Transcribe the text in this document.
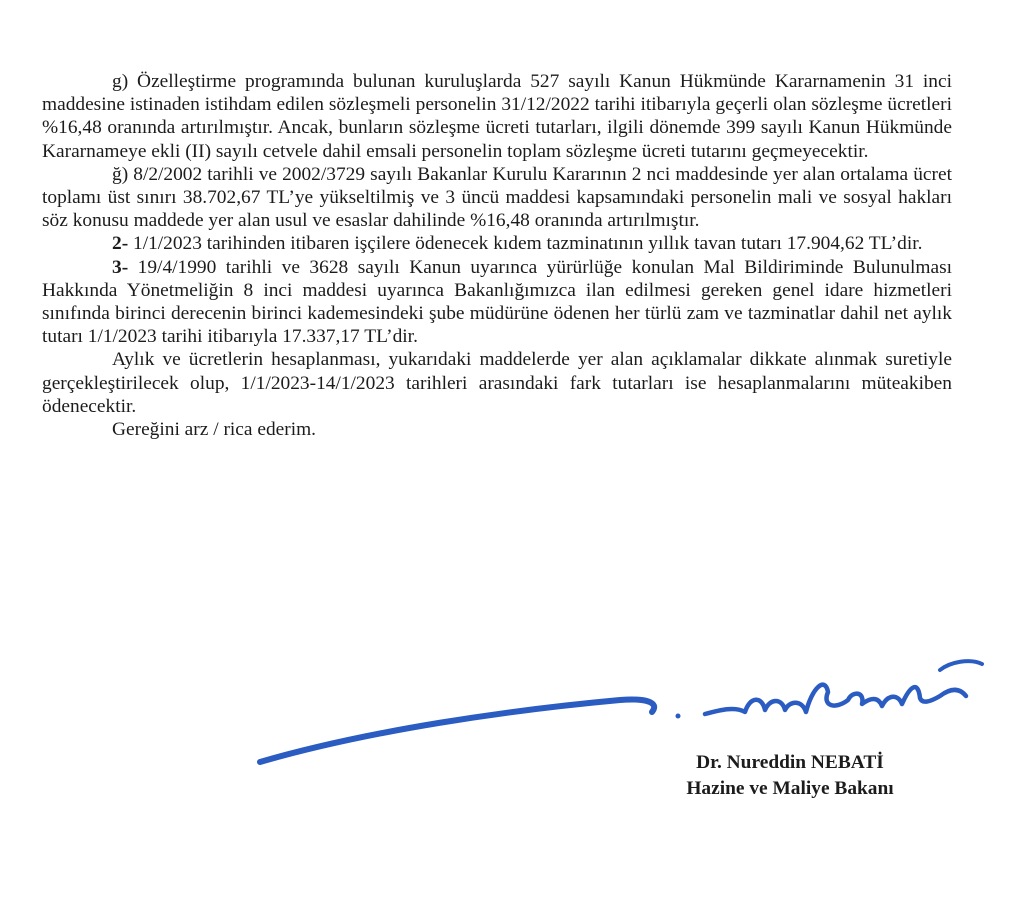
g) Özelleştirme programında bulunan kuruluşlarda 527 sayılı Kanun Hükmünde Kararnamenin 31 inci maddesine istinaden istihdam edilen sözleşmeli personelin 31/12/2022 tarihi itibarıyla geçerli olan sözleşme ücretleri %16,48 oranında artırılmıştır. Ancak, bunların sözleşme ücreti tutarları, ilgili dönemde 399 sayılı Kanun Hükmünde Kararnameye ekli (II) sayılı cetvele dahil emsali personelin toplam sözleşme ücreti tutarını geçmeyecektir.

ğ) 8/2/2002 tarihli ve 2002/3729 sayılı Bakanlar Kurulu Kararının 2 nci maddesinde yer alan ortalama ücret toplamı üst sınırı 38.702,67 TL’ye yükseltilmiş ve 3 üncü maddesi kapsamındaki personelin mali ve sosyal hakları söz konusu maddede yer alan usul ve esaslar dahilinde %16,48 oranında artırılmıştır.

2- 1/1/2023 tarihinden itibaren işçilere ödenecek kıdem tazminatının yıllık tavan tutarı 17.904,62 TL’dir.

3- 19/4/1990 tarihli ve 3628 sayılı Kanun uyarınca yürürlüğe konulan Mal Bildiriminde Bulunulması Hakkında Yönetmeliğin 8 inci maddesi uyarınca Bakanlığımızca ilan edilmesi gereken genel idare hizmetleri sınıfında birinci derecenin birinci kademesindeki şube müdürüne ödenen her türlü zam ve tazminatlar dahil net aylık tutarı 1/1/2023 tarihi itibarıyla 17.337,17 TL’dir.

Aylık ve ücretlerin hesaplanması, yukarıdaki maddelerde yer alan açıklamalar dikkate alınmak suretiyle gerçekleştirilecek olup, 1/1/2023-14/1/2023 tarihleri arasındaki fark tutarları ise hesaplanmalarını müteakiben ödenecektir.

Gereğini arz / rica ederim.

Dr. Nureddin NEBATİ
Hazine ve Maliye Bakanı
